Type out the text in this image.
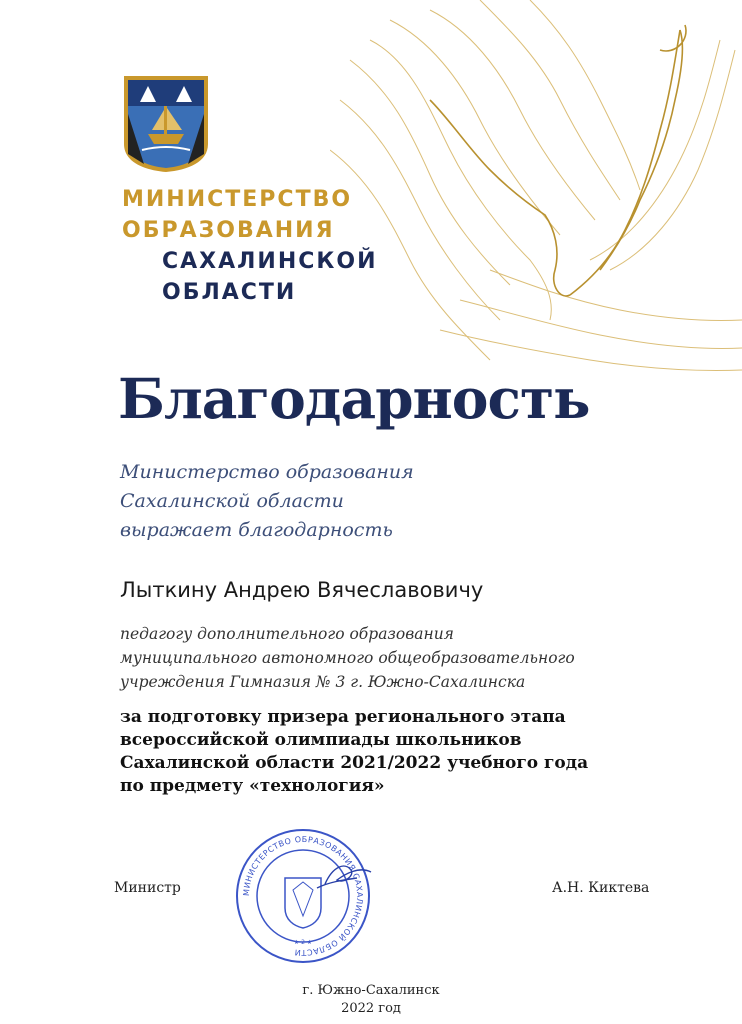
МИНИСТЕРСТВО
ОБРАЗОВАНИЯ
САХАЛИНСКОЙ
ОБЛАСТИ
Благодарность
Министерство образования
Сахалинской области
выражает благодарность
Лыткину Андрею Вячеславовичу
педагогу дополнительного образования
муниципального автономного общеобразовательного
учреждения Гимназия № 3 г. Южно-Сахалинска
за подготовку призера регионального этапа
всероссийской олимпиады школьников
Сахалинской области 2021/2022 учебного года
по предмету «технология»
Министр	МИНИСТЕРСТВО ОБРАЗОВАНИЯ САХАЛИНСКОЙ ОБЛАСТИ
★ 2 ★
А.Н. Киктева
г. Южно-Сахалинск
2022 год
